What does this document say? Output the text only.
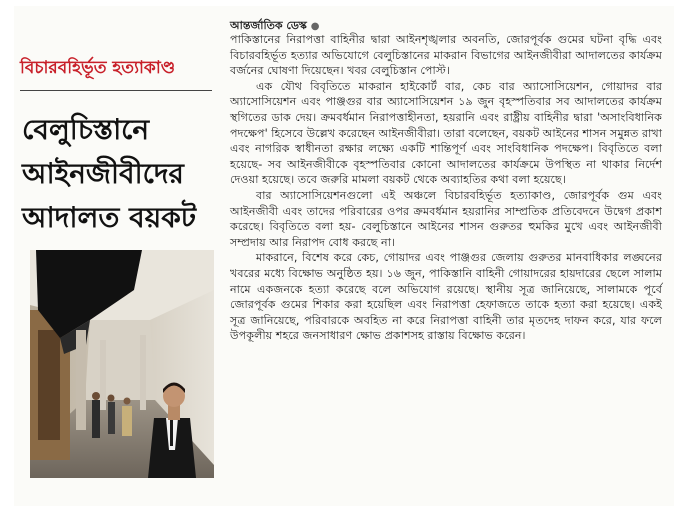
বিচারবহির্ভূত হত্যাকাণ্ড
বেলুচিস্তানে
আইনজীবীদের
আদালত বয়কট
আন্তর্জাতিক ডেস্ক ●

পাকিস্তানের নিরাপত্তা বাহিনীর দ্বারা আইনশৃঙ্খলার অবনতি, জোরপূর্বক গুমের ঘটনা বৃদ্ধি এবং বিচারবহির্ভূত হত্যার অভিযোগে বেলুচিস্তানের মাকরান বিভাগের আইনজীবীরা আদালতের কার্যক্রম বর্জনের ঘোষণা দিয়েছেন। খবর বেলুচিস্তান পোস্ট।

এক যৌথ বিবৃতিতে মাকরান হাইকোর্ট বার, কেচ বার অ্যাসোসিয়েশন, গোয়াদর বার অ্যাসোসিয়েশন এবং পাঞ্জগুর বার অ্যাসোসিয়েশন ১৯ জুন বৃহস্পতিবার সব আদালতের কার্যক্রম স্থগিতের ডাক দেয়। ক্রমবর্ধমান নিরাপত্তাহীনতা, হয়রানি এবং রাষ্ট্রীয় বাহিনীর দ্বারা 'অসাংবিধানিক পদক্ষেপ' হিসেবে উল্লেখ করেছেন আইনজীবীরা। তারা বলেছেন, বয়কট আইনের শাসন সমুন্নত রাখা এবং নাগরিক স্বাধীনতা রক্ষার লক্ষ্যে একটি শান্তিপূর্ণ এবং সাংবিধানিক পদক্ষেপ। বিবৃতিতে বলা হয়েছে- সব আইনজীবীকে বৃহস্পতিবার কোনো আদালতের কার্যক্রমে উপস্থিত না থাকার নির্দেশ দেওয়া হয়েছে। তবে জরুরি মামলা বয়কট থেকে অব্যাহতির কথা বলা হয়েছে।

বার অ্যাসোসিয়েশনগুলো এই অঞ্চলে বিচারবহির্ভূত হত্যাকাণ্ড, জোরপূর্বক গুম এবং আইনজীবী এবং তাদের পরিবারের ওপর ক্রমবর্ধমান হয়রানির সাম্প্রতিক প্রতিবেদনে উদ্বেগ প্রকাশ করেছে। বিবৃতিতে বলা হয়- বেলুচিস্তানে আইনের শাসন গুরুতর হুমকির মুখে এবং আইনজীবী সম্প্রদায় আর নিরাপদ বোধ করছে না।

মাকরানে, বিশেষ করে কেচ, গোয়াদর এবং পাঞ্জগুর জেলায় গুরুতর মানবাধিকার লঙ্ঘনের খবরের মধ্যে বিক্ষোভ অনুষ্ঠিত হয়। ১৬ জুন, পাকিস্তানি বাহিনী গোয়াদরের হায়দারের ছেলে সালাম নামে একজনকে হত্যা করেছে বলে অভিযোগ রয়েছে। স্থানীয় সূত্র জানিয়েছে, সালামকে পূর্বে জোরপূর্বক গুমের শিকার করা হয়েছিল এবং নিরাপত্তা হেফাজতে তাকে হত্যা করা হয়েছে। একই সূত্র জানিয়েছে, পরিবারকে অবহিত না করে নিরাপত্তা বাহিনী তার মৃতদেহ দাফন করে, যার ফলে উপকূলীয় শহরে জনসাধারণ ক্ষোভ প্রকাশসহ রাস্তায় বিক্ষোভ করেন।
